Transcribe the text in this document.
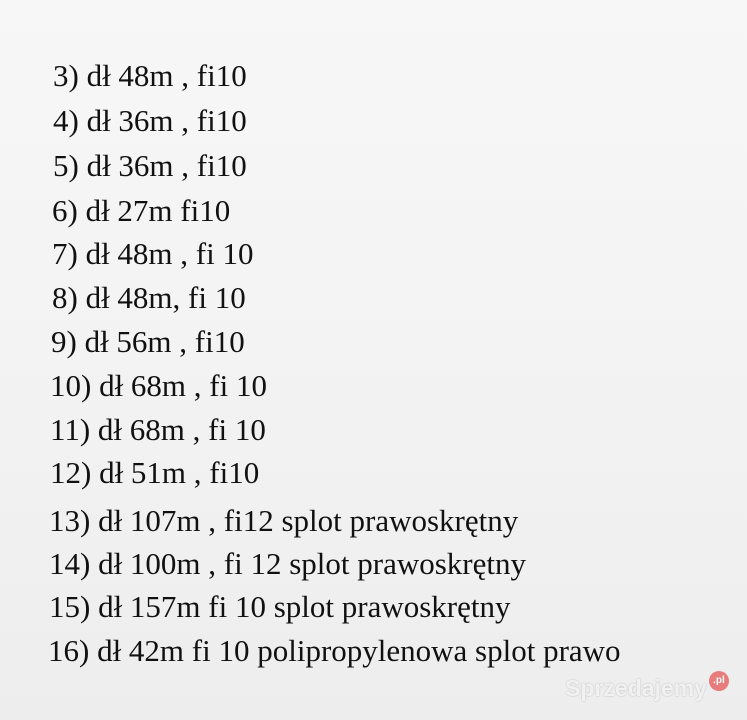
3) dł 48m , fi10
4) dł 36m , fi10
5) dł 36m , fi10
6) dł 27m fi10
7) dł 48m , fi 10
8) dł 48m, fi 10
9) dł 56m , fi10
10) dł 68m , fi 10
11) dł 68m , fi 10
12) dł 51m , fi10
13) dł 107m , fi12 splot prawoskrętny
14) dł 100m , fi 12 splot prawoskrętny
15) dł 157m fi 10 splot prawoskrętny
16) dł 42m fi 10 polipropylenowa splot prawo
Sprzedajemy .pl
